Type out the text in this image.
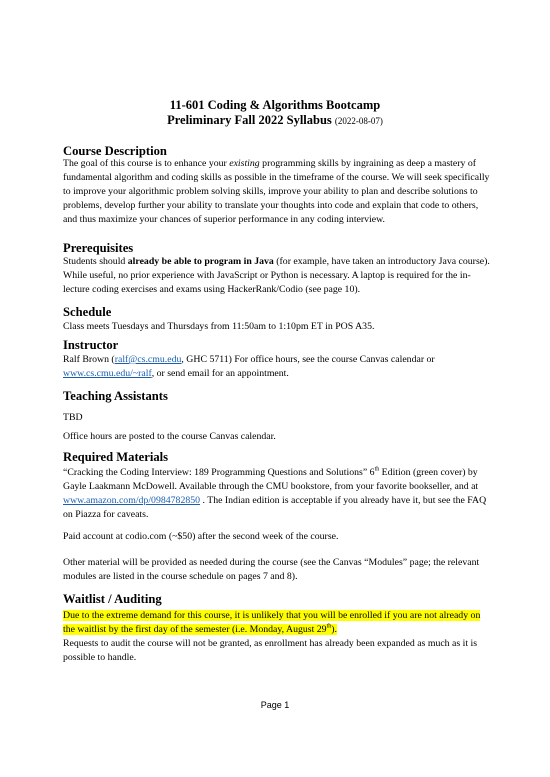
11-601 Coding & Algorithms Bootcamp
Preliminary Fall 2022 Syllabus (2022-08-07)
Course Description
The goal of this course is to enhance your existing programming skills by ingraining as deep a mastery of fundamental algorithm and coding skills as possible in the timeframe of the course. We will seek specifically to improve your algorithmic problem solving skills, improve your ability to plan and describe solutions to problems, develop further your ability to translate your thoughts into code and explain that code to others, and thus maximize your chances of superior performance in any coding interview.
Prerequisites
Students should already be able to program in Java (for example, have taken an introductory Java course). While useful, no prior experience with JavaScript or Python is necessary. A laptop is required for the in-lecture coding exercises and exams using HackerRank/Codio (see page 10).
Schedule
Class meets Tuesdays and Thursdays from 11:50am to 1:10pm ET in POS A35.
Instructor
Ralf Brown (ralf@cs.cmu.edu, GHC 5711) For office hours, see the course Canvas calendar or www.cs.cmu.edu/~ralf, or send email for an appointment.
Teaching Assistants
TBD
Office hours are posted to the course Canvas calendar.
Required Materials
“Cracking the Coding Interview: 189 Programming Questions and Solutions” 6th Edition (green cover) by Gayle Laakmann McDowell. Available through the CMU bookstore, from your favorite bookseller, and at www.amazon.com/dp/0984782850 . The Indian edition is acceptable if you already have it, but see the FAQ on Piazza for caveats.
Paid account at codio.com (~$50) after the second week of the course.
Other material will be provided as needed during the course (see the Canvas “Modules” page; the relevant modules are listed in the course schedule on pages 7 and 8).
Waitlist / Auditing
Due to the extreme demand for this course, it is unlikely that you will be enrolled if you are not already on the waitlist by the first day of the semester (i.e. Monday, August 29th).
Requests to audit the course will not be granted, as enrollment has already been expanded as much as it is possible to handle.
Page 1
